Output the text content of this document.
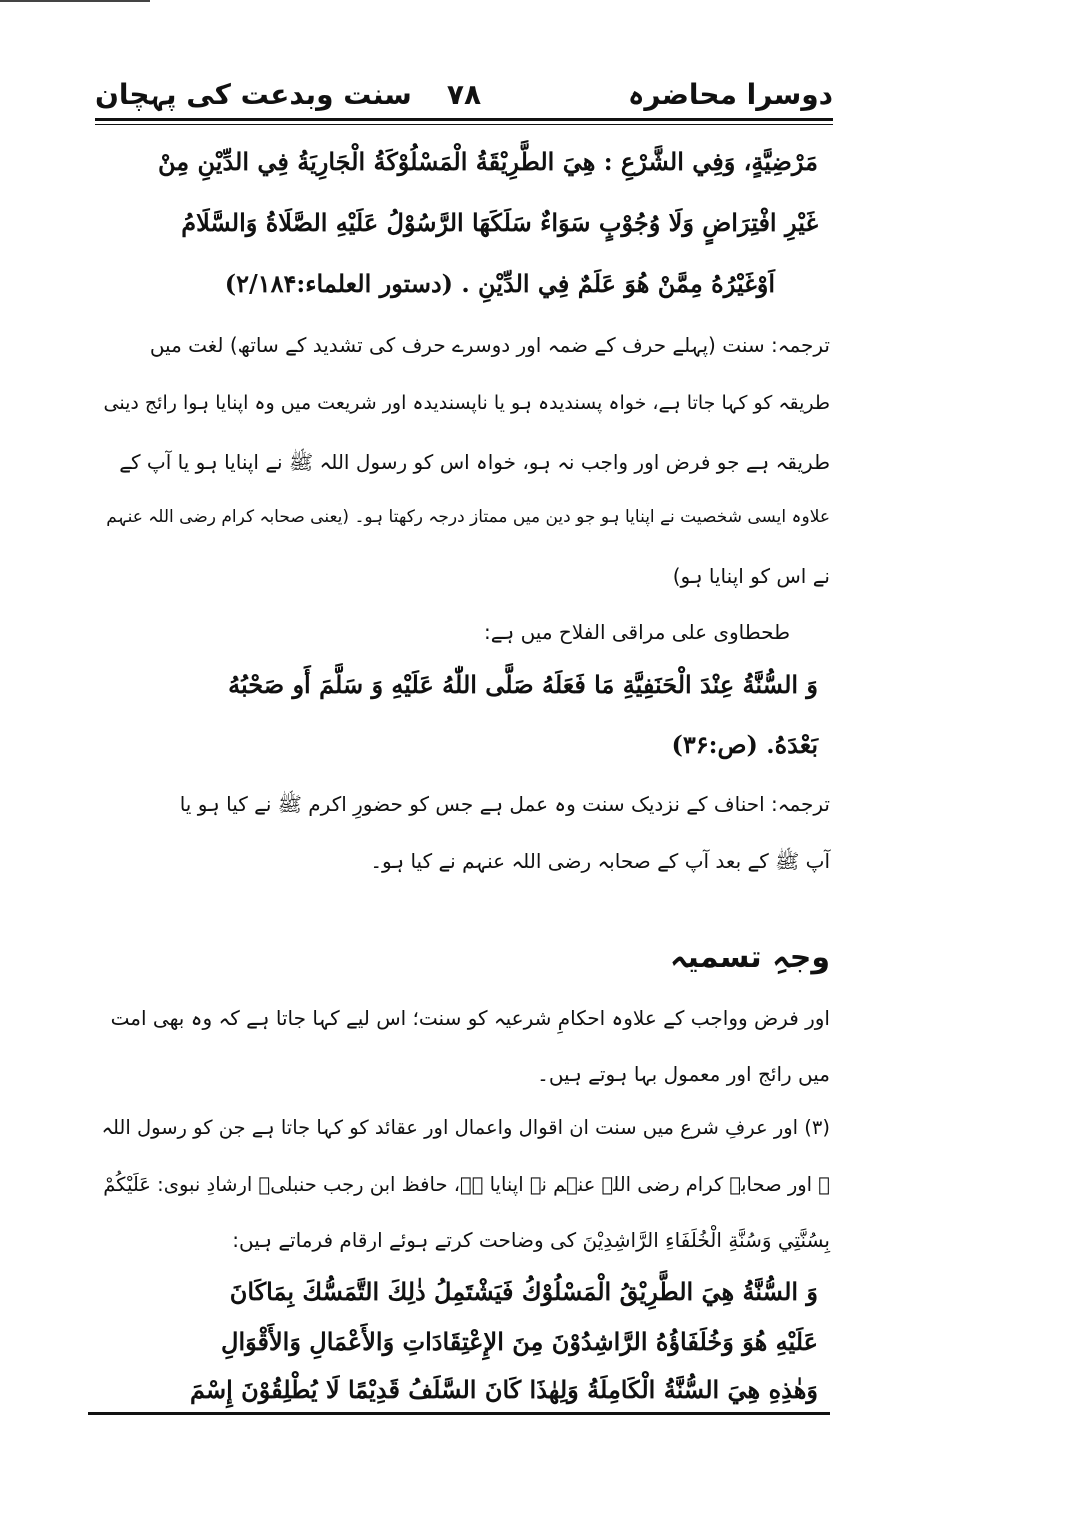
دوسرا محاضرہ
۷۸
سنت وبدعت کی پہچان
مَرْضِيَّةٍ، وَفِي الشَّرْعِ : هِيَ الطَّرِيْقَةُ الْمَسْلُوْكَةُ الْجَارِيَةُ فِي الدِّيْنِ مِنْ
غَيْرِ افْتِرَاضٍ وَلَا وُجُوْبٍ سَوَاءٌ سَلَكَهَا الرَّسُوْلُ عَلَيْهِ الصَّلَاةُ وَالسَّلَامُ
اَوْغَيْرُهُ مِمَّنْ هُوَ عَلَمٌ فِي الدِّيْنِ . (دستور العلماء:۲/۱۸۴)
ترجمہ: سنت (پہلے حرف کے ضمہ اور دوسرے حرف کی تشدید کے ساتھ) لغت میں
طریقہ کو کہا جاتا ہے، خواہ پسندیدہ ہو یا ناپسندیدہ اور شریعت میں وہ اپنایا ہوا رائج دینی
طریقہ ہے جو فرض اور واجب نہ ہو، خواہ اس کو رسول اللہ ﷺ نے اپنایا ہو یا آپ کے
علاوہ ایسی شخصیت نے اپنایا ہو جو دین میں ممتاز درجہ رکھتا ہو۔ (یعنی صحابہ کرام رضی اللہ عنہم
نے اس کو اپنایا ہو)
طحطاوی علی مراقی الفلاح میں ہے:
وَ السُّنَّةُ عِنْدَ الْحَنَفِيَّةِ مَا فَعَلَهُ صَلَّى اللّٰهُ عَلَيْهِ وَ سَلَّمَ أَو صَحْبُهُ
بَعْدَهُ. (ص:۳۶)
ترجمہ: احناف کے نزدیک سنت وہ عمل ہے جس کو حضورِ اکرم ﷺ نے کیا ہو یا
آپ ﷺ کے بعد آپ کے صحابہ رضی اللہ عنہم نے کیا ہو۔
وجہِ تسمیہ
اور فرض وواجب کے علاوہ احکامِ شرعیہ کو سنت؛ اس لیے کہا جاتا ہے کہ وہ بھی امت
میں رائج اور معمول بہا ہوتے ہیں۔
(۳) اور عرفِ شرع میں سنت ان اقوال واعمال اور عقائد کو کہا جاتا ہے جن کو رسول اللہ
ﷺ اور صحابہ کرام رضی اللہ عنہم نے اپنایا ہے، حافظ ابن رجب حنبلیؒ ارشادِ نبوی: عَلَيْكُمْ
بِسُنَّتِي وَسُنَّةِ الْخُلَفَاءِ الرَّاشِدِيْنَ کی وضاحت کرتے ہوئے ارقام فرماتے ہیں:
وَ السُّنَّةُ هِيَ الطَّرِيْقُ الْمَسْلُوْكُ فَيَشْتَمِلُ ذٰلِكَ التَّمَسُّكَ بِمَاكَانَ
عَلَيْهِ هُوَ وَخُلَفَاؤُهُ الرَّاشِدُوْنَ مِنَ الإِعْتِقَادَاتِ وَالأَعْمَالِ وَالأَقْوَالِ
وَهٰذِهِ هِيَ السُّنَّةُ الْكَامِلَةُ وَلِهٰذَا كَانَ السَّلَفُ قَدِيْمًا لَا يُطْلِقُوْنَ إِسْمَ
